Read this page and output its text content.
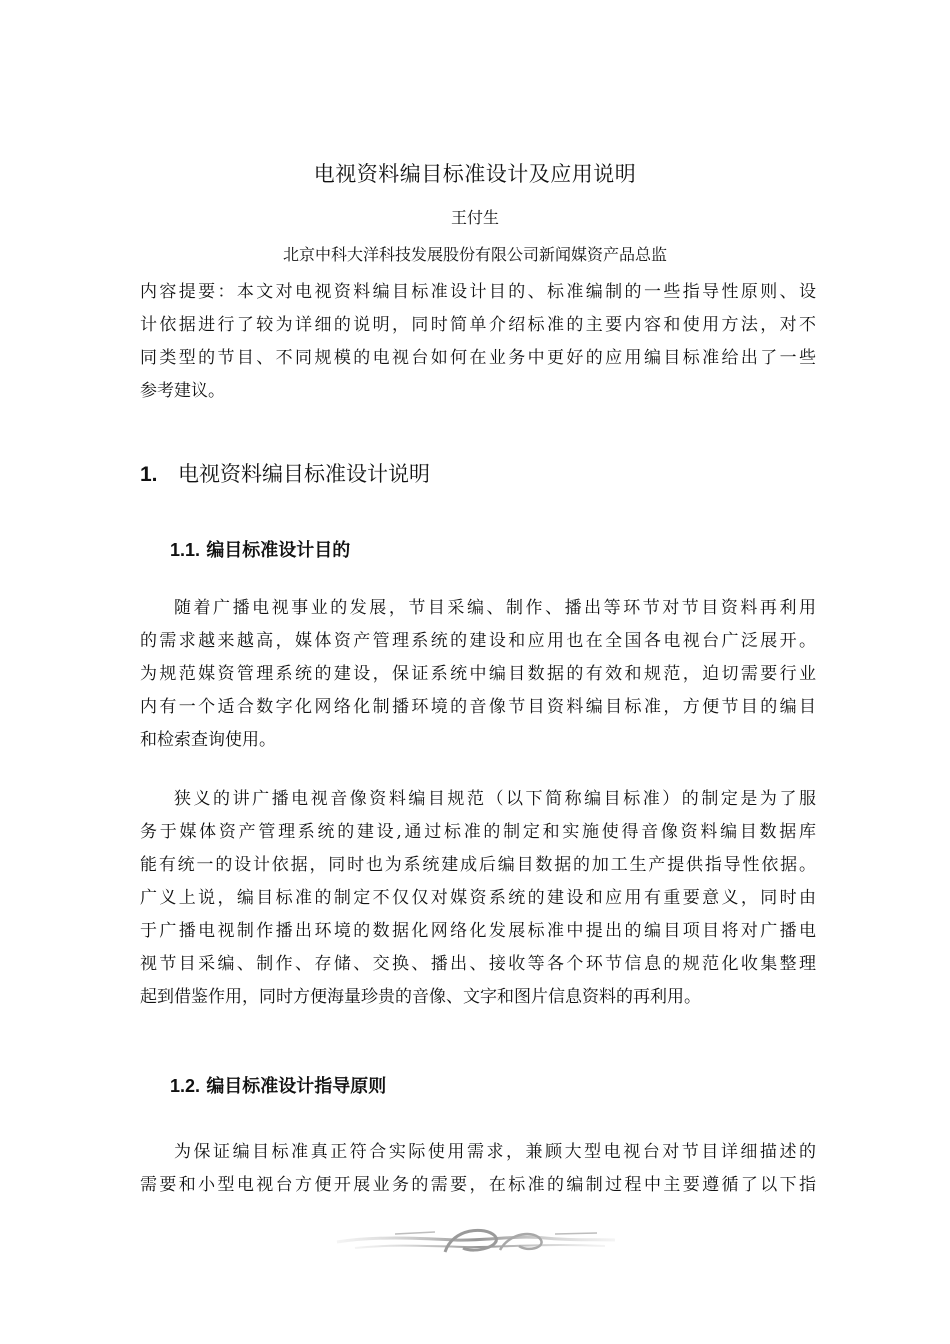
电视资料编目标准设计及应用说明
王付生
北京中科大洋科技发展股份有限公司新闻媒资产品总监
内容提要：本文对电视资料编目标准设计目的、标准编制的一些指导性原则、设
计依据进行了较为详细的说明，同时简单介绍标准的主要内容和使用方法，对不
同类型的节目、不同规模的电视台如何在业务中更好的应用编目标准给出了一些
参考建议。
1. 电视资料编目标准设计说明
1.1. 编目标准设计目的
随着广播电视事业的发展，节目采编、制作、播出等环节对节目资料再利用
的需求越来越高，媒体资产管理系统的建设和应用也在全国各电视台广泛展开。
为规范媒资管理系统的建设，保证系统中编目数据的有效和规范，迫切需要行业
内有一个适合数字化网络化制播环境的音像节目资料编目标准，方便节目的编目
和检索查询使用。
狭义的讲广播电视音像资料编目规范（以下简称编目标准）的制定是为了服
务于媒体资产管理系统的建设,通过标准的制定和实施使得音像资料编目数据库
能有统一的设计依据，同时也为系统建成后编目数据的加工生产提供指导性依据。
广义上说，编目标准的制定不仅仅对媒资系统的建设和应用有重要意义，同时由
于广播电视制作播出环境的数据化网络化发展标准中提出的编目项目将对广播电
视节目采编、制作、存储、交换、播出、接收等各个环节信息的规范化收集整理
起到借鉴作用，同时方便海量珍贵的音像、文字和图片信息资料的再利用。
1.2. 编目标准设计指导原则
为保证编目标准真正符合实际使用需求，兼顾大型电视台对节目详细描述的
需要和小型电视台方便开展业务的需要，在标准的编制过程中主要遵循了以下指
